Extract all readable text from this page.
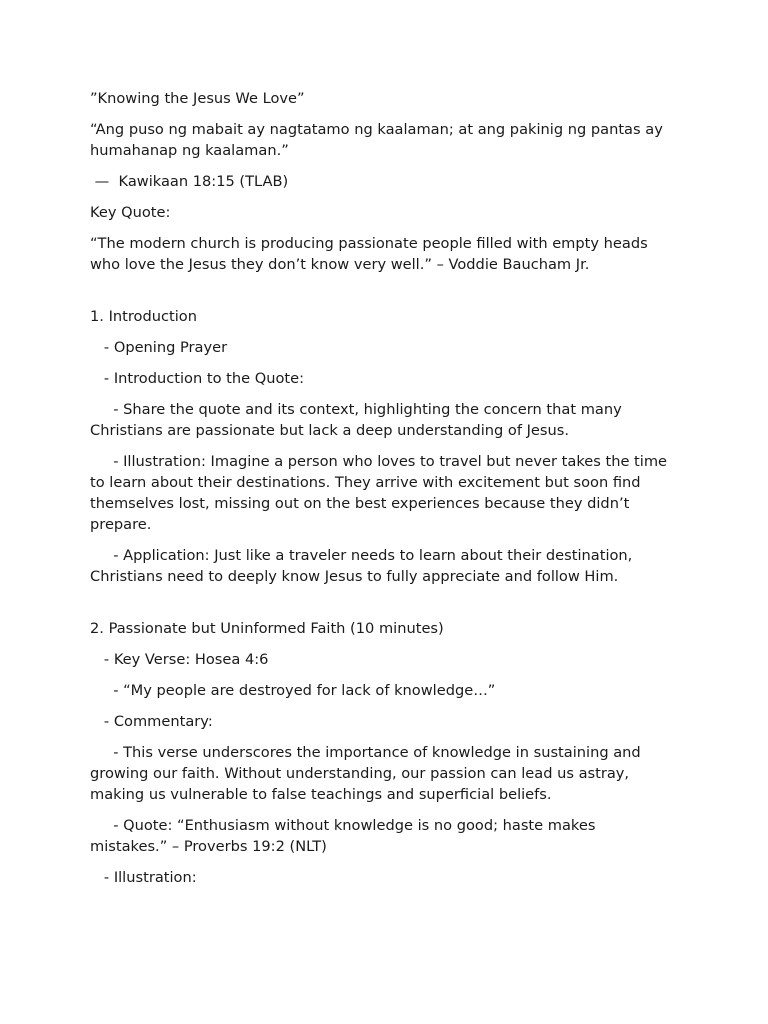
”Knowing the Jesus We Love”

“Ang puso ng mabait ay nagtatamo ng kaalaman; at ang pakinig ng pantas ay humahanap ng kaalaman.”

—  Kawikaan 18:15 (TLAB)

Key Quote:

“The modern church is producing passionate people filled with empty heads who love the Jesus they don’t know very well.” – Voddie Baucham Jr.

1. Introduction

- Opening Prayer

- Introduction to the Quote:

- Share the quote and its context, highlighting the concern that many Christians are passionate but lack a deep understanding of Jesus.

- Illustration: Imagine a person who loves to travel but never takes the time to learn about their destinations. They arrive with excitement but soon find themselves lost, missing out on the best experiences because they didn’t prepare.

- Application: Just like a traveler needs to learn about their destination, Christians need to deeply know Jesus to fully appreciate and follow Him.

2. Passionate but Uninformed Faith (10 minutes)

- Key Verse: Hosea 4:6

- “My people are destroyed for lack of knowledge…”

- Commentary:

- This verse underscores the importance of knowledge in sustaining and growing our faith. Without understanding, our passion can lead us astray, making us vulnerable to false teachings and superficial beliefs.

- Quote: “Enthusiasm without knowledge is no good; haste makes mistakes.” – Proverbs 19:2 (NLT)

- Illustration:
